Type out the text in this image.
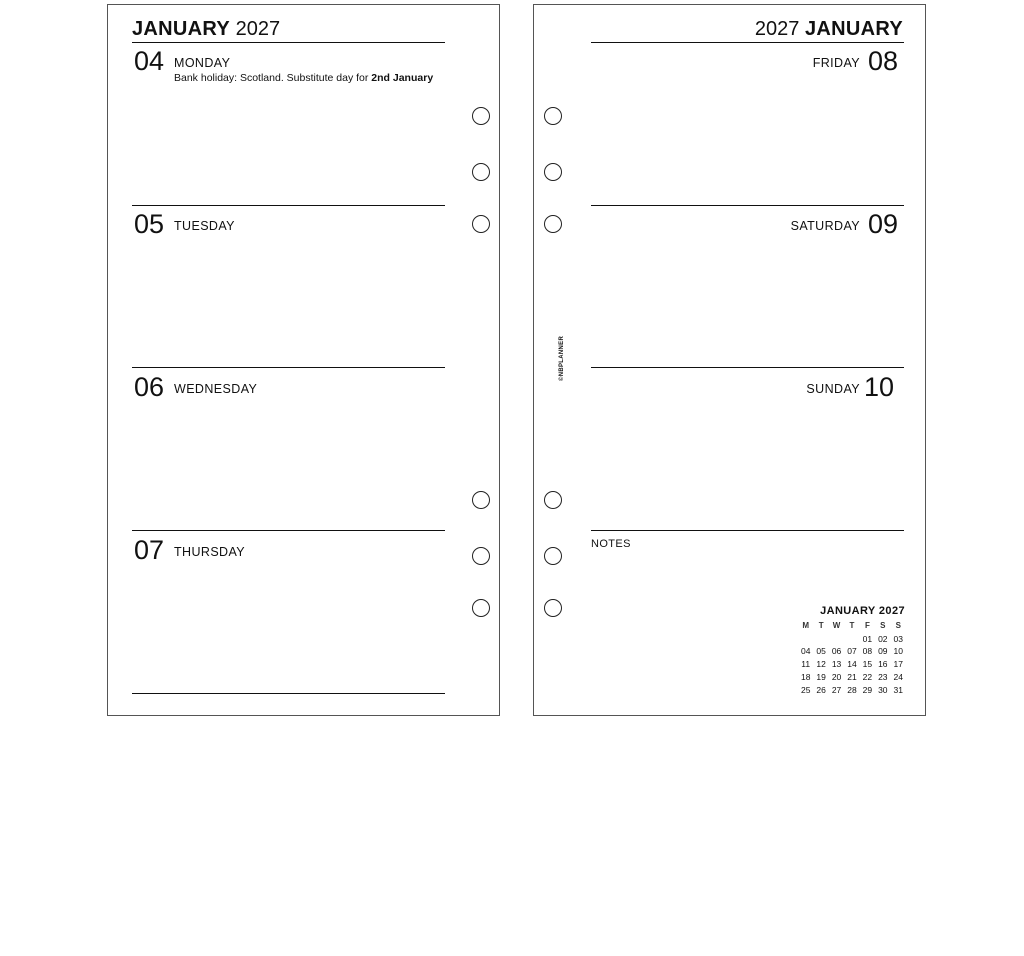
JANUARY 2027
04 MONDAY
Bank holiday: Scotland. Substitute day for 2nd January
05 TUESDAY
06 WEDNESDAY
07 THURSDAY
2027 JANUARY
FRIDAY 08
SATURDAY 09
SUNDAY 10
NOTES
©NBPLANNER
JANUARY 2027
M	T	W	T	F	S	S
				01	02	03
04	05	06	07	08	09	10
11	12	13	14	15	16	17
18	19	20	21	22	23	24
25	26	27	28	29	30	31
